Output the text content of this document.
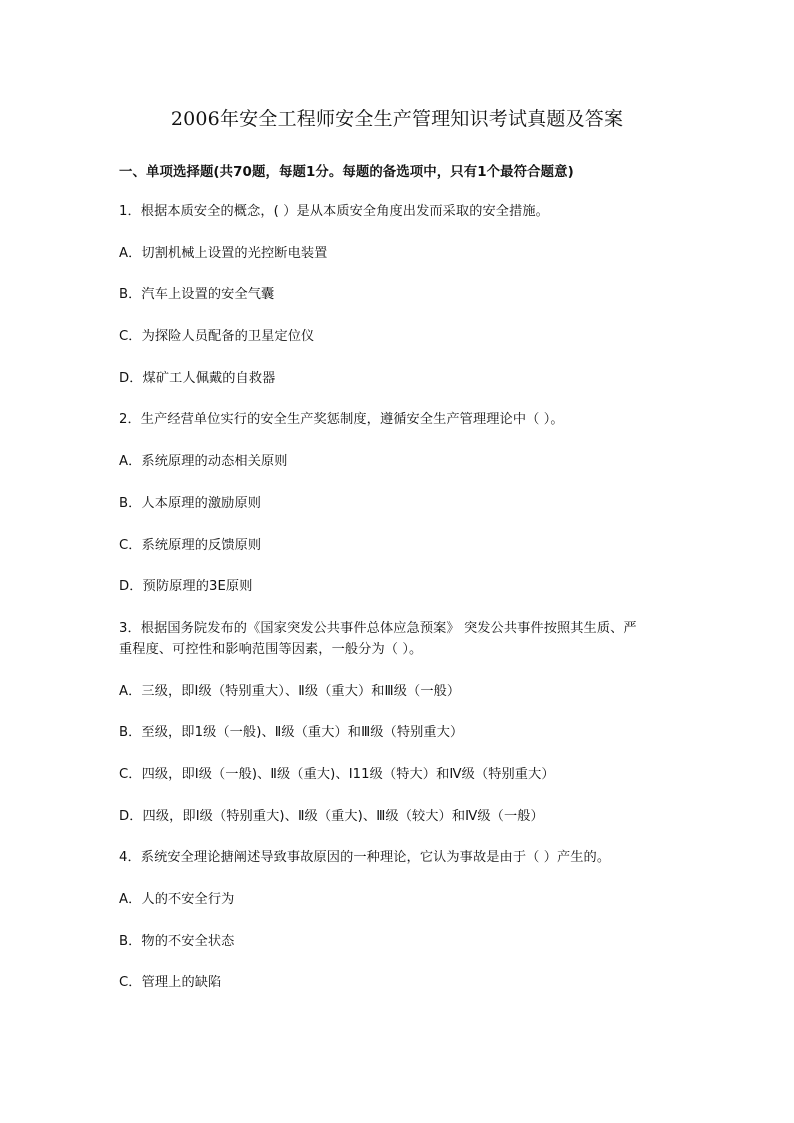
2006年安全工程师安全生产管理知识考试真题及答案
一、单项选择题(共70题，每题1分。每题的备选项中，只有1个最符合题意)
1．根据本质安全的概念，( ）是从本质安全角度出发而采取的安全措施。
A．切割机械上设置的光控断电装置
B．汽车上设置的安全气囊
C．为探险人员配备的卫星定位仪
D．煤矿工人佩戴的自救器
2．生产经营单位实行的安全生产奖惩制度，遵循安全生产管理理论中（ ）。
A．系统原理的动态相关原则
B．人本原理的激励原则
C．系统原理的反馈原则
D．预防原理的3E原则
3．根据国务院发布的《国家突发公共事件总体应急预案》 突发公共事件按照其生质、严
重程度、可控性和影响范围等因素，一般分为（ ）。
A．三级，即Ⅰ级（特别重大）、Ⅱ级（重大）和Ⅲ级（一般）
B．至级，即1级（一般)、Ⅱ级（重大）和Ⅲ级（特别重大）
C．四级，即Ⅰ级（一般)、Ⅱ级（重大)、I11级（特大）和Ⅳ级（特别重大）
D．四级，即Ⅰ级（特别重大)、Ⅱ级（重大)、Ⅲ级（较大）和Ⅳ级（一般）
4．系统安全理论搪阐述导致事故原因的一种理论，它认为事故是由于（ ）产生的。
A．人的不安全行为
B．物的不安全状态
C．管理上的缺陷
